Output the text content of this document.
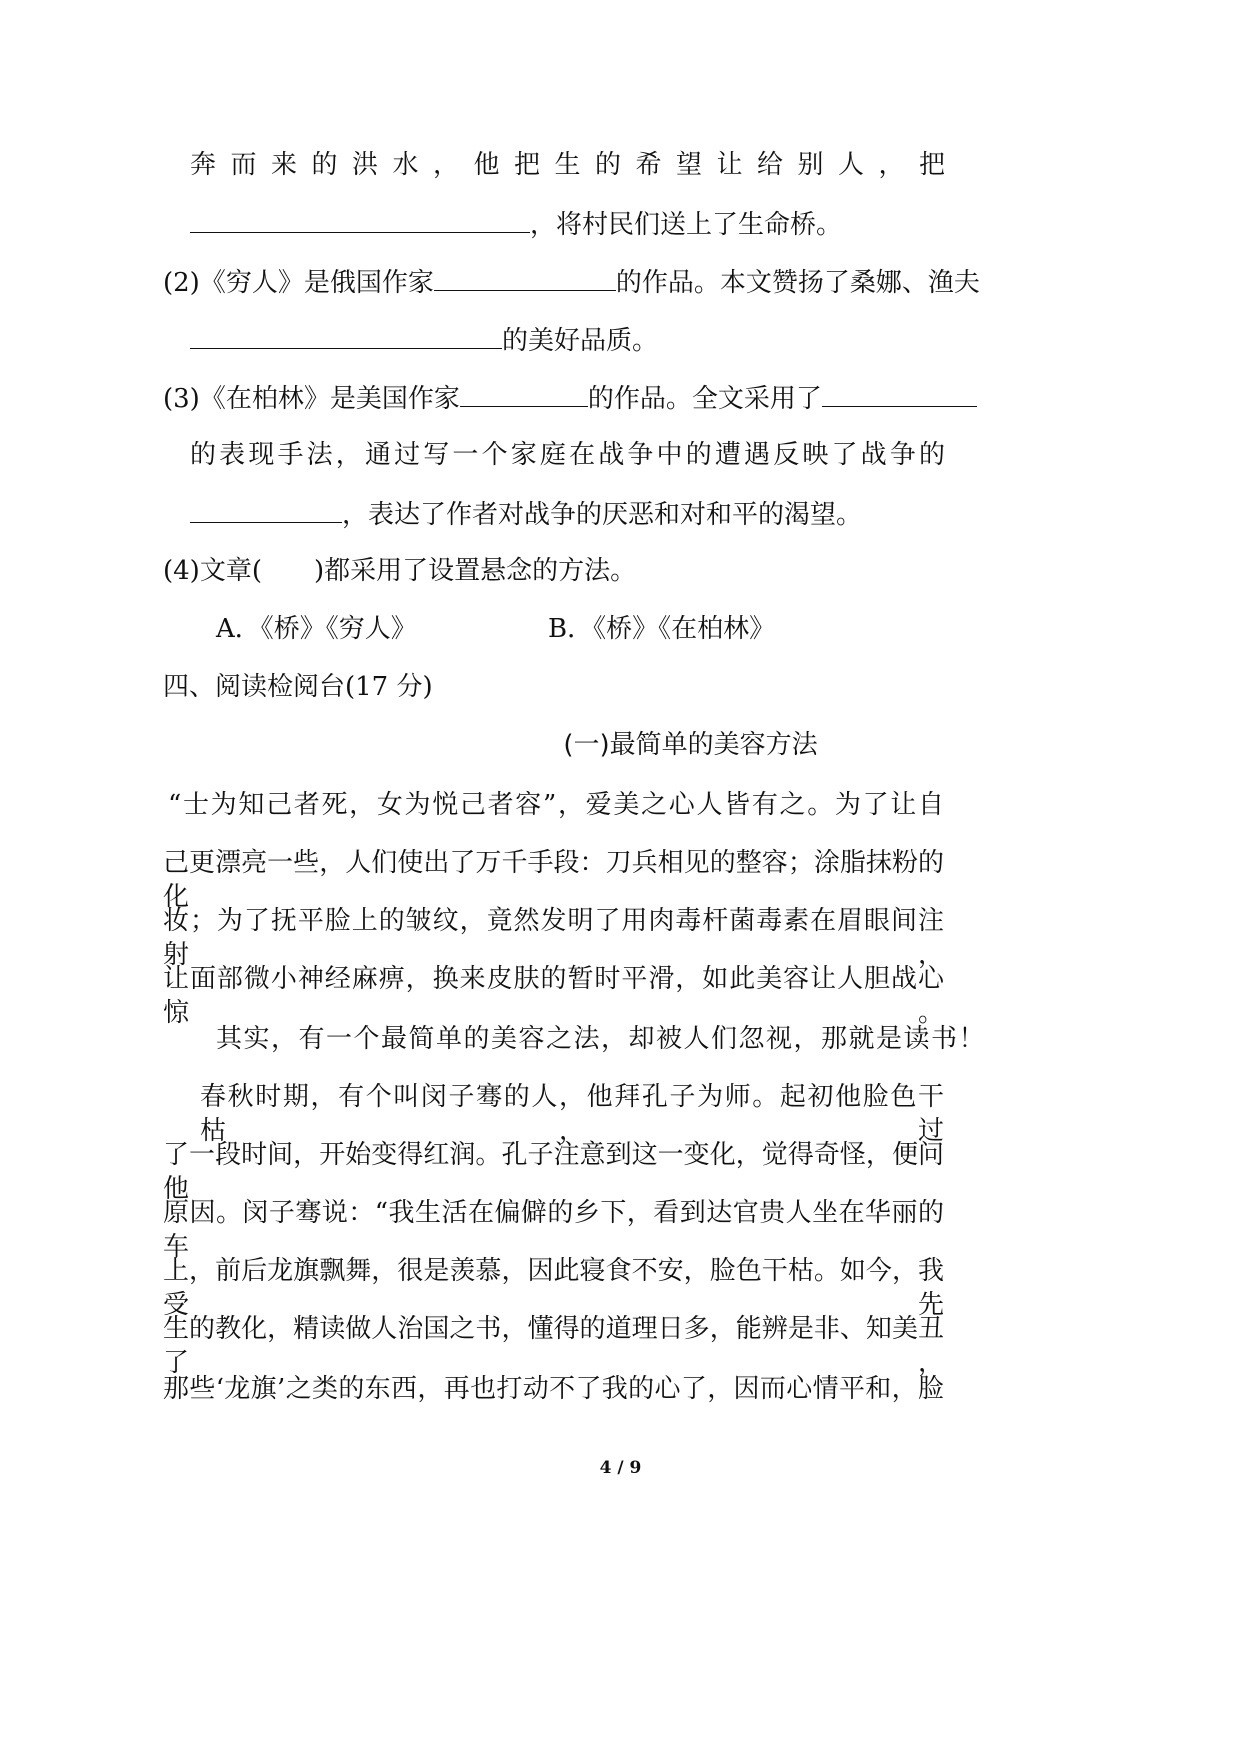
奔而来的洪水，他把生的希望让给别人，把
，将村民们送上了生命桥。
(2)《穷人》是俄国作家	的作品。本文赞扬了桑娜、渔夫
的美好品质。
(3)《在柏林》是美国作家	的作品。全文采用了
的表现手法，通过写一个家庭在战争中的遭遇反映了战争的
，表达了作者对战争的厌恶和对和平的渴望。
(4)文章(　　)都采用了设置悬念的方法。
A．《桥》《穷人》	B．《桥》《在柏林》
四、阅读检阅台(17 分)
(一)最简单的美容方法
“士为知己者死，女为悦己者容”，爱美之心人皆有之。为了让自
己更漂亮一些，人们使出了万千手段：刀兵相见的整容；涂脂抹粉的化
妆；为了抚平脸上的皱纹，竟然发明了用肉毒杆菌毒素在眉眼间注射，
让面部微小神经麻痹，换来皮肤的暂时平滑，如此美容让人胆战心惊。
其实，有一个最简单的美容之法，却被人们忽视，那就是读书！
春秋时期，有个叫闵子骞的人，他拜孔子为师。起初他脸色干枯，过
了一段时间，开始变得红润。孔子注意到这一变化，觉得奇怪，便问他
原因。闵子骞说：“我生活在偏僻的乡下，看到达官贵人坐在华丽的车
上，前后龙旗飘舞，很是羡慕，因此寝食不安，脸色干枯。如今，我受先
生的教化，精读做人治国之书，懂得的道理日多，能辨是非、知美丑了，
那些‘龙旗’之类的东西，再也打动不了我的心了，因而心情平和，脸
4 / 9
